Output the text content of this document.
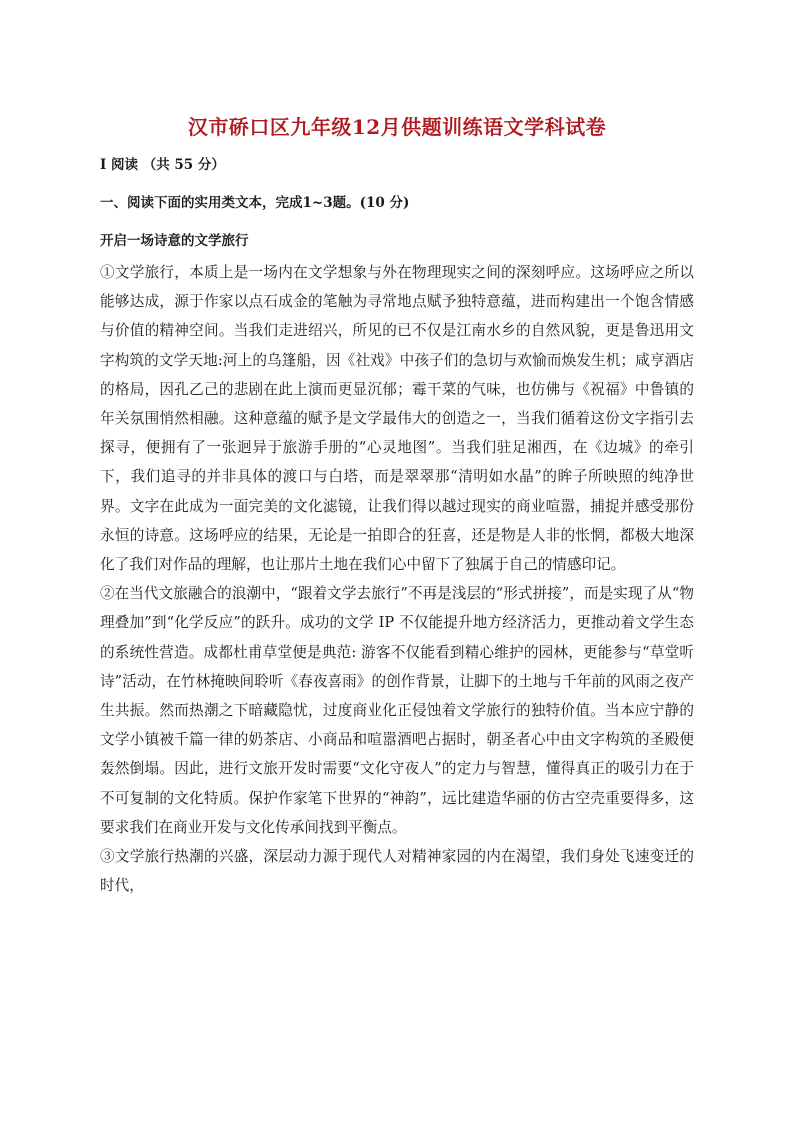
汉市硚口区九年级12月供题训练语文学科试卷
I 阅读 （共 55 分）
一、阅读下面的实用类文本，完成1~3题。(10 分)
开启一场诗意的文学旅行

①文学旅行，本质上是一场内在文学想象与外在物理现实之间的深刻呼应。这场呼应之所以能够达成，源于作家以点石成金的笔触为寻常地点赋予独特意蕴，进而构建出一个饱含情感与价值的精神空间。当我们走进绍兴，所见的已不仅是江南水乡的自然风貌，更是鲁迅用文字构筑的文学天地:河上的乌篷船，因《社戏》中孩子们的急切与欢愉而焕发生机；咸亨酒店的格局，因孔乙己的悲剧在此上演而更显沉郁；霉干菜的气味，也仿佛与《祝福》中鲁镇的年关氛围悄然相融。这种意蕴的赋予是文学最伟大的创造之一，当我们循着这份文字指引去探寻，便拥有了一张迥异于旅游手册的“心灵地图”。当我们驻足湘西，在《边城》的牵引下，我们追寻的并非具体的渡口与白塔，而是翠翠那“清明如水晶”的眸子所映照的纯净世界。文字在此成为一面完美的文化滤镜，让我们得以越过现实的商业喧嚣，捕捉并感受那份永恒的诗意。这场呼应的结果，无论是一拍即合的狂喜，还是物是人非的怅惘，都极大地深化了我们对作品的理解，也让那片土地在我们心中留下了独属于自己的情感印记。

②在当代文旅融合的浪潮中，“跟着文学去旅行”不再是浅层的“形式拼接”，而是实现了从“物理叠加”到“化学反应”的跃升。成功的文学 IP 不仅能提升地方经济活力，更推动着文学生态的系统性营造。成都杜甫草堂便是典范: 游客不仅能看到精心维护的园林，更能参与“草堂听诗”活动，在竹林掩映间聆听《春夜喜雨》的创作背景，让脚下的土地与千年前的风雨之夜产生共振。然而热潮之下暗藏隐忧，过度商业化正侵蚀着文学旅行的独特价值。当本应宁静的文学小镇被千篇一律的奶茶店、小商品和喧嚣酒吧占据时，朝圣者心中由文字构筑的圣殿便轰然倒塌。因此，进行文旅开发时需要“文化守夜人”的定力与智慧，懂得真正的吸引力在于不可复制的文化特质。保护作家笔下世界的“神韵”，远比建造华丽的仿古空壳重要得多，这要求我们在商业开发与文化传承间找到平衡点。

③文学旅行热潮的兴盛，深层动力源于现代人对精神家园的内在渴望，我们身处飞速变迁的时代，
